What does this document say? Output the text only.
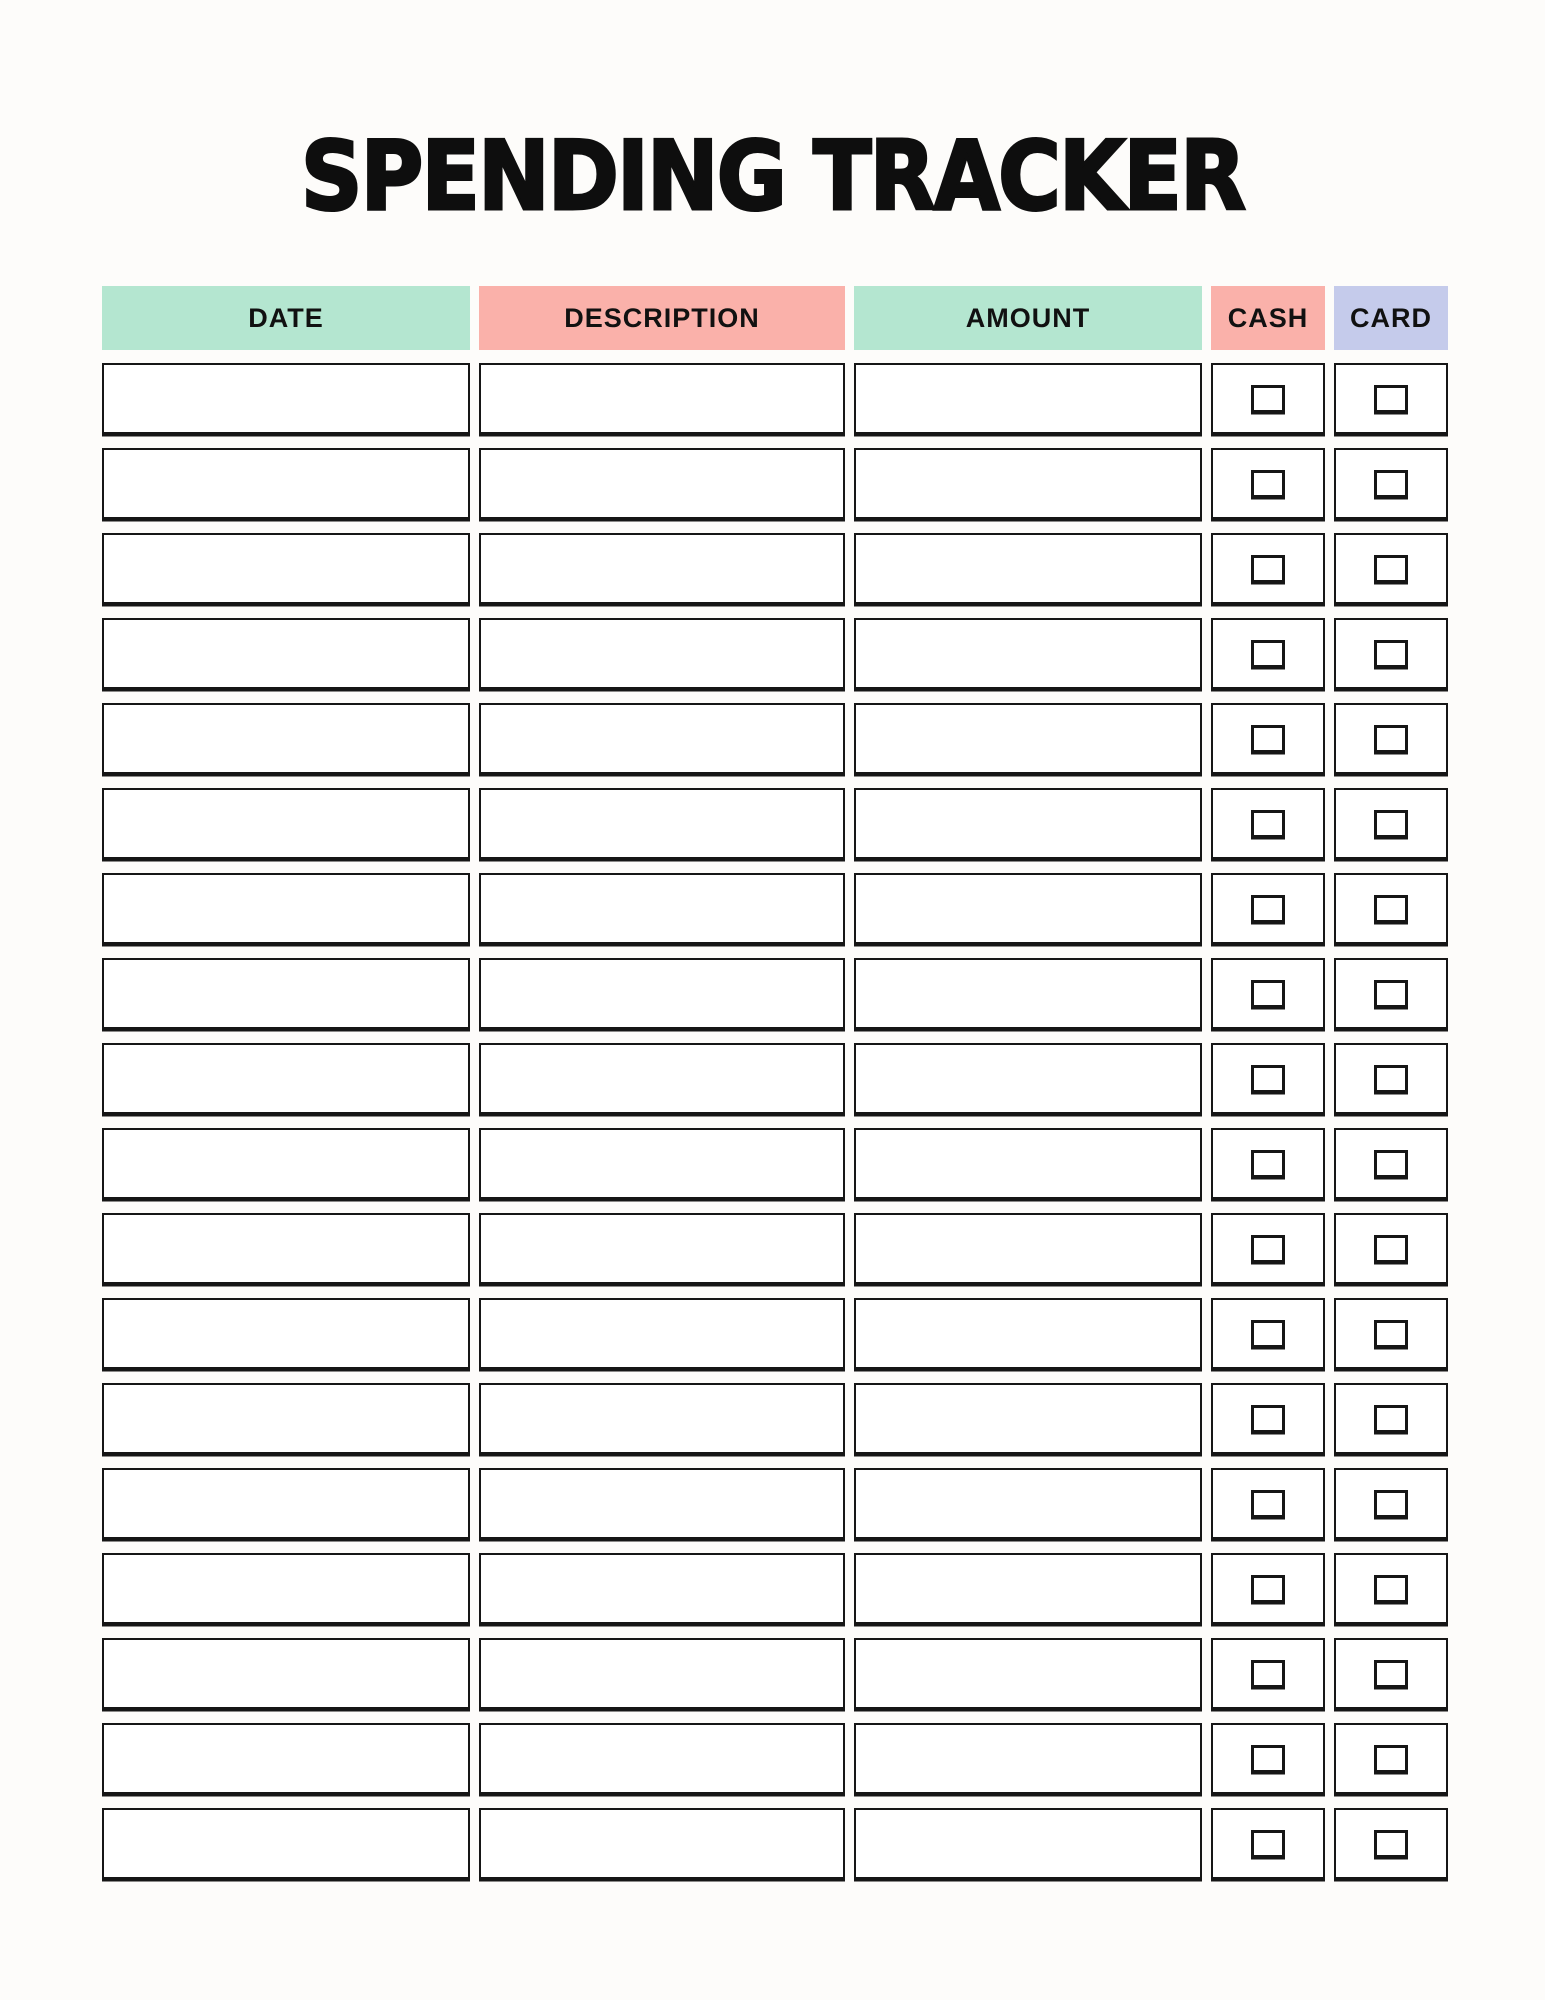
SPENDING TRACKER
DATE	DESCRIPTION	AMOUNT	CASH	CARD
